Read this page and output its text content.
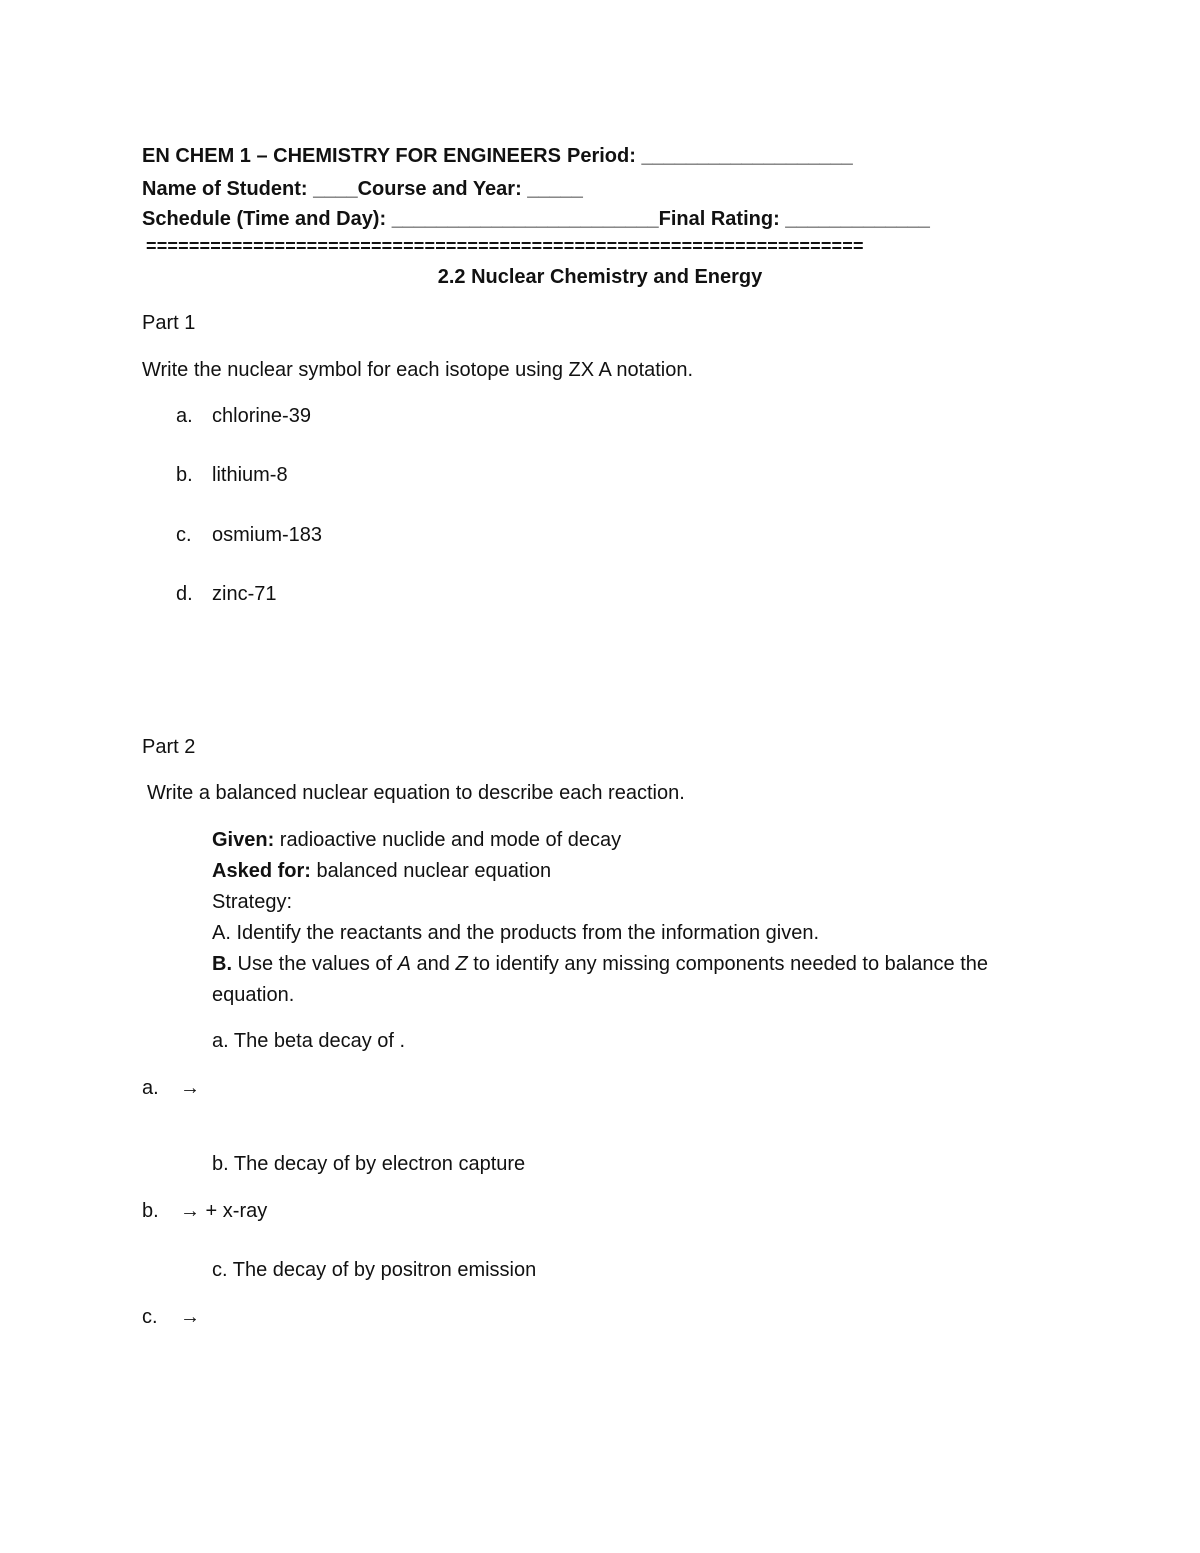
EN CHEM 1 – CHEMISTRY FOR ENGINEERS Period: ___________________
Name of Student: ____Course and Year: _____
Schedule (Time and Day): ________________________Final Rating: _____________
===================================================================
2.2 Nuclear Chemistry and Energy
Part 1
Write the nuclear symbol for each isotope using ZX A notation.
a. chlorine-39
b. lithium-8
c. osmium-183
d. zinc-71
Part 2
Write a balanced nuclear equation to describe each reaction.
Given: radioactive nuclide and mode of decay
Asked for: balanced nuclear equation
Strategy:
A. Identify the reactants and the products from the information given.
B. Use the values of A and Z to identify any missing components needed to balance the
equation.
a. The beta decay of .
a. →
b. The decay of by electron capture
b. → + x-ray
c. The decay of by positron emission
c. →
